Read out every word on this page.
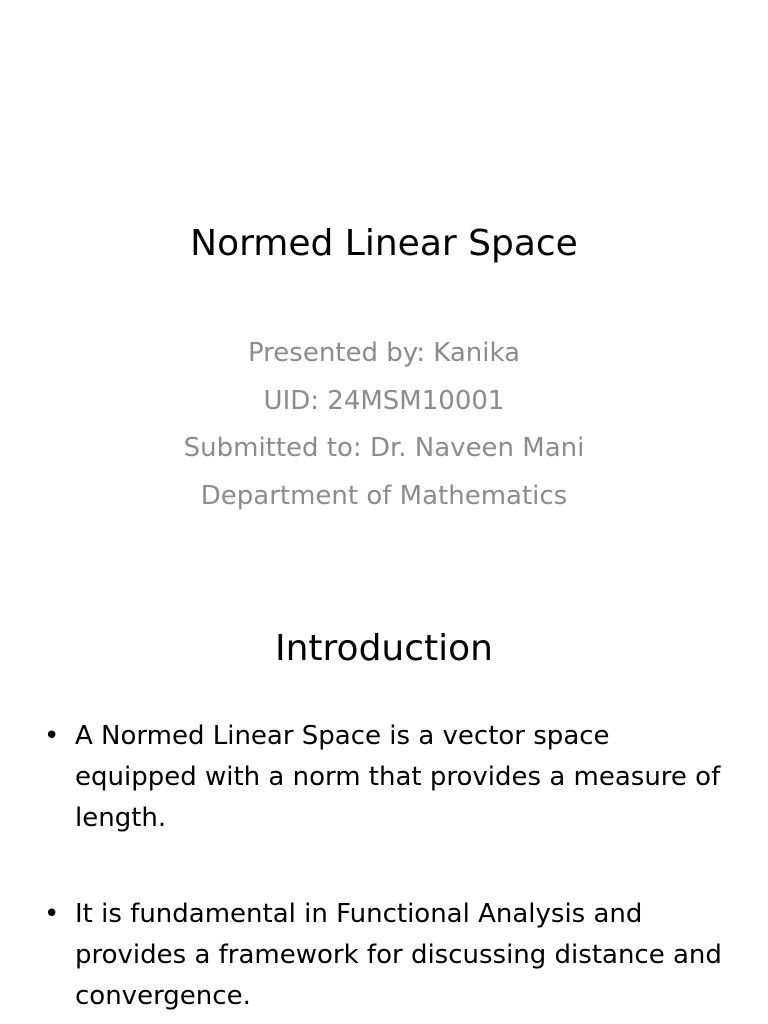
Normed Linear Space
Presented by: Kanika
UID: 24MSM10001
Submitted to: Dr. Naveen Mani
Department of Mathematics
Introduction
• A Normed Linear Space is a vector space equipped with a norm that provides a measure of length.
• It is fundamental in Functional Analysis and provides a framework for discussing distance and convergence.
